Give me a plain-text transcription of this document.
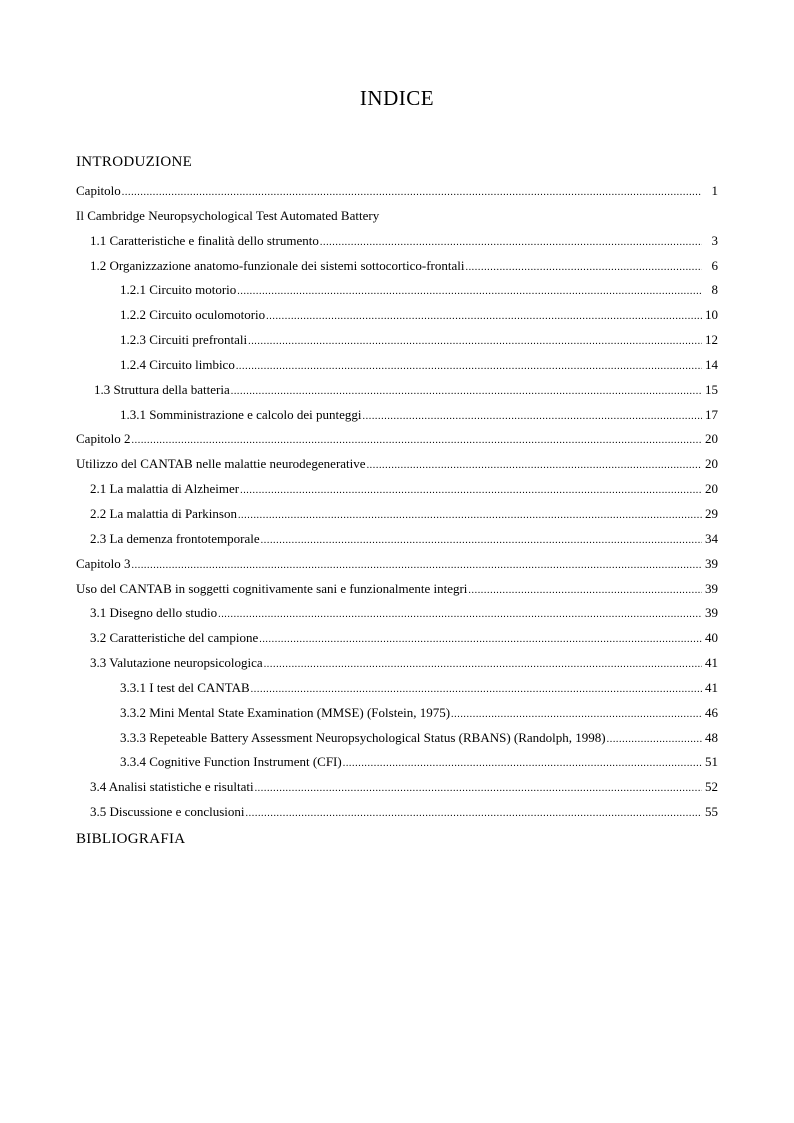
INDICE
INTRODUZIONE
Capitolo .....	1
Il Cambridge Neuropsychological Test Automated Battery
1.1 Caratteristiche e finalità dello strumento .....	3
1.2 Organizzazione anatomo-funzionale dei sistemi sottocortico-frontali .....	6
1.2.1 Circuito motorio .....	8
1.2.2 Circuito oculomotorio .....	10
1.2.3 Circuiti prefrontali .....	12
1.2.4 Circuito limbico .....	14
1.3 Struttura della batteria .....	15
1.3.1 Somministrazione e calcolo dei punteggi .....	17
Capitolo 2 .....	20
Utilizzo del CANTAB nelle malattie neurodegenerative .....	20
2.1 La malattia di Alzheimer .....	20
2.2 La malattia di Parkinson .....	29
2.3 La demenza frontotemporale .....	34
Capitolo 3 .....	39
Uso del CANTAB in soggetti cognitivamente sani e funzionalmente integri .....	39
3.1 Disegno dello studio .....	39
3.2 Caratteristiche del campione .....	40
3.3 Valutazione neuropsicologica .....	41
3.3.1 I test del CANTAB .....	41
3.3.2 Mini Mental State Examination (MMSE) (Folstein, 1975) .....	46
3.3.3 Repeteable Battery Assessment Neuropsychological Status (RBANS) (Randolph, 1998) .....	48
3.3.4 Cognitive Function Instrument (CFI) .....	51
3.4 Analisi statistiche e risultati .....	52
3.5 Discussione e conclusioni .....	55
BIBLIOGRAFIA
